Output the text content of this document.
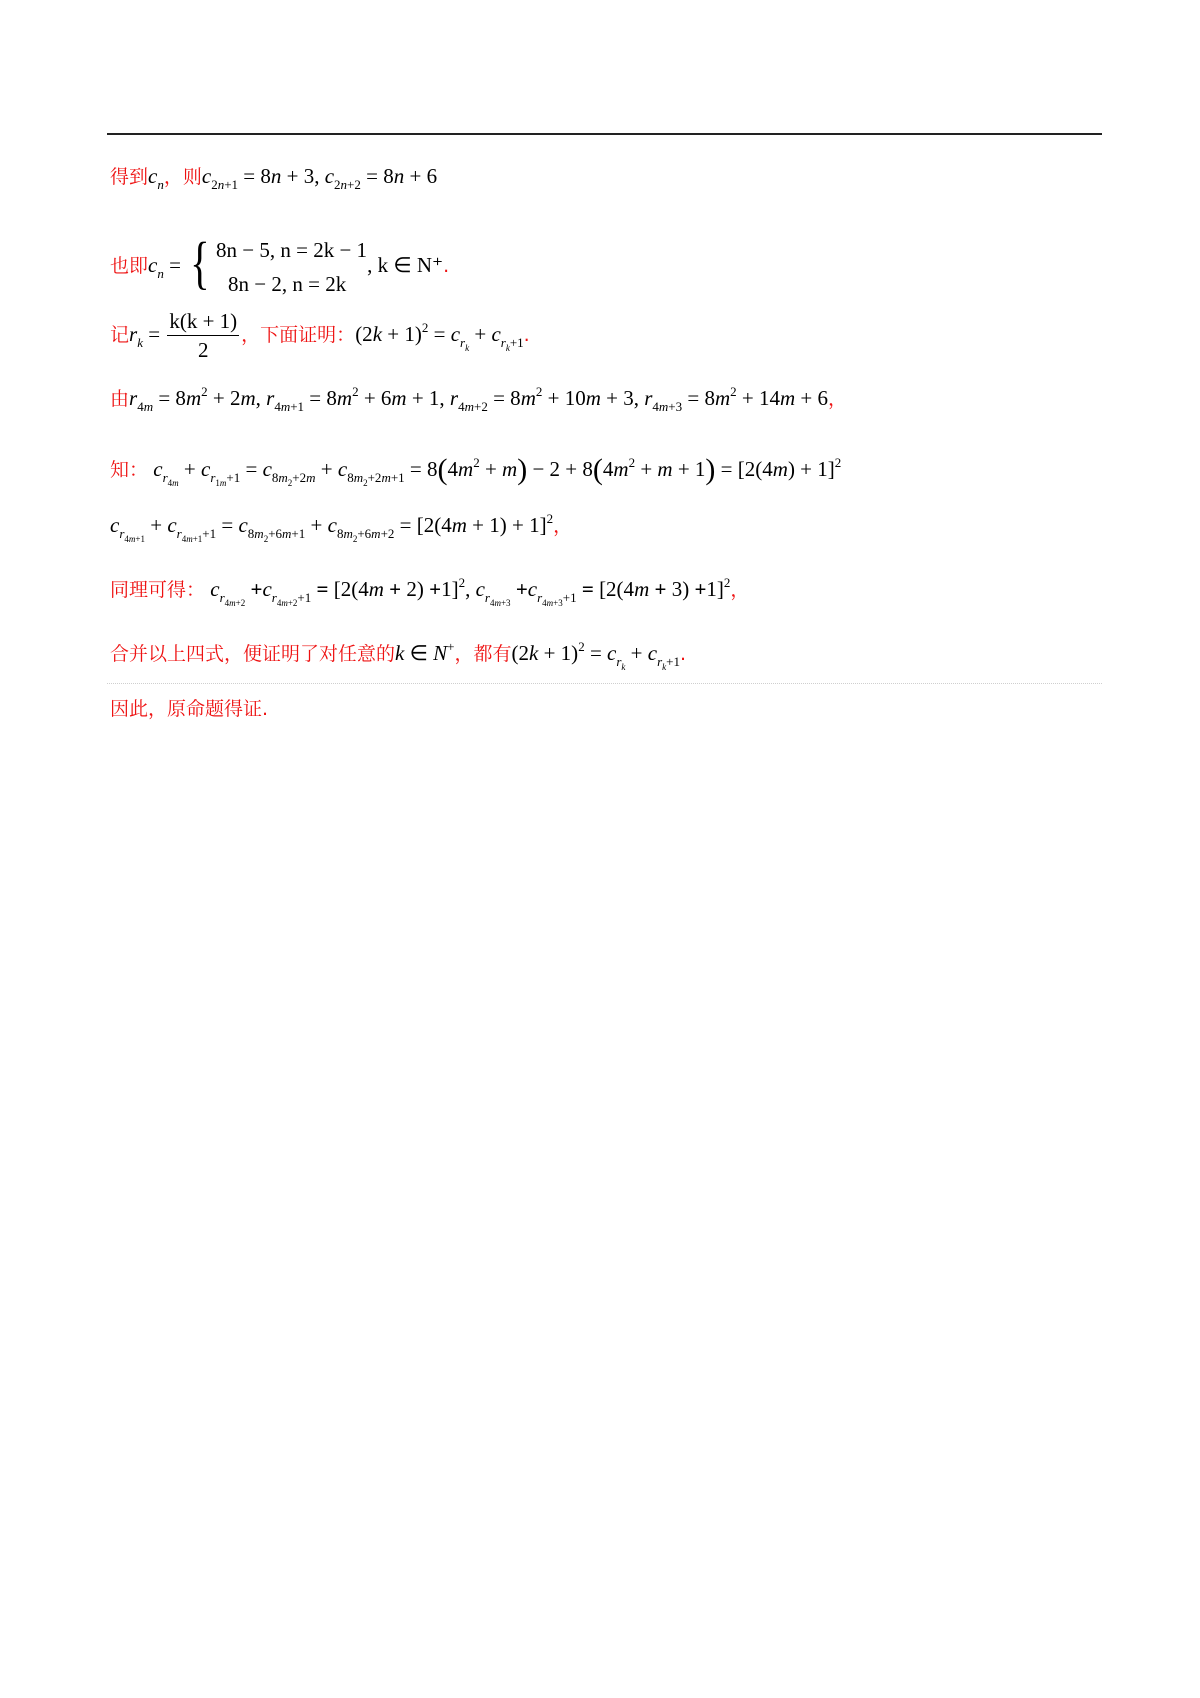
得到$c_n$，则$c_{2n+1} = 8n + 3$, $c_{2n+2} = 8n + 6$
也即$c_n$ = { 8n − 5, n = 2k − 1
8n − 2, n = 2k
, k ∈ N⁺.
记$r_k = \frac{k(k + 1)}{2}$ ，下面证明：$(2k + 1)^2 = c_{r_k} + c_{r_k+1}$.
由$r_{4m} = 8m^2 + 2m$, $r_{4m+1} = 8m^2 + 6m + 1$, $r_{4m+2} = 8m^2 + 10m + 3$, $r_{4m+3} = 8m^2 + 14m + 6$，
知： $c_{r_{4m}} + c_{r_{1m}+1} = c_{8m_2+2m} + c_{8m_2+2m+1} = 8(4m^2 + m) - 2 + 8(4m^2 + m + 1) = [2(4m) + 1]^2$
$c_{r_{4m+1}} + c_{r_{4m+1}+1} = c_{8m_2+6m+1} + c_{8m_2+6m+2} = [2(4m + 1) + 1]^2$，
同理可得： $c_{r_{4m+2}} +c_{r_{4m+2}+1} = [2(4m + 2) +1]^2$, $c_{r_{4m+3}} +c_{r_{4m+3}+1} = [2(4m + 3) +1]^2$，
合并以上四式，便证明了对任意的k ∈ N+，都有$(2k + 1)^2 = c_{r_k} + c_{r_k+1}$.
因此，原命题得证.
